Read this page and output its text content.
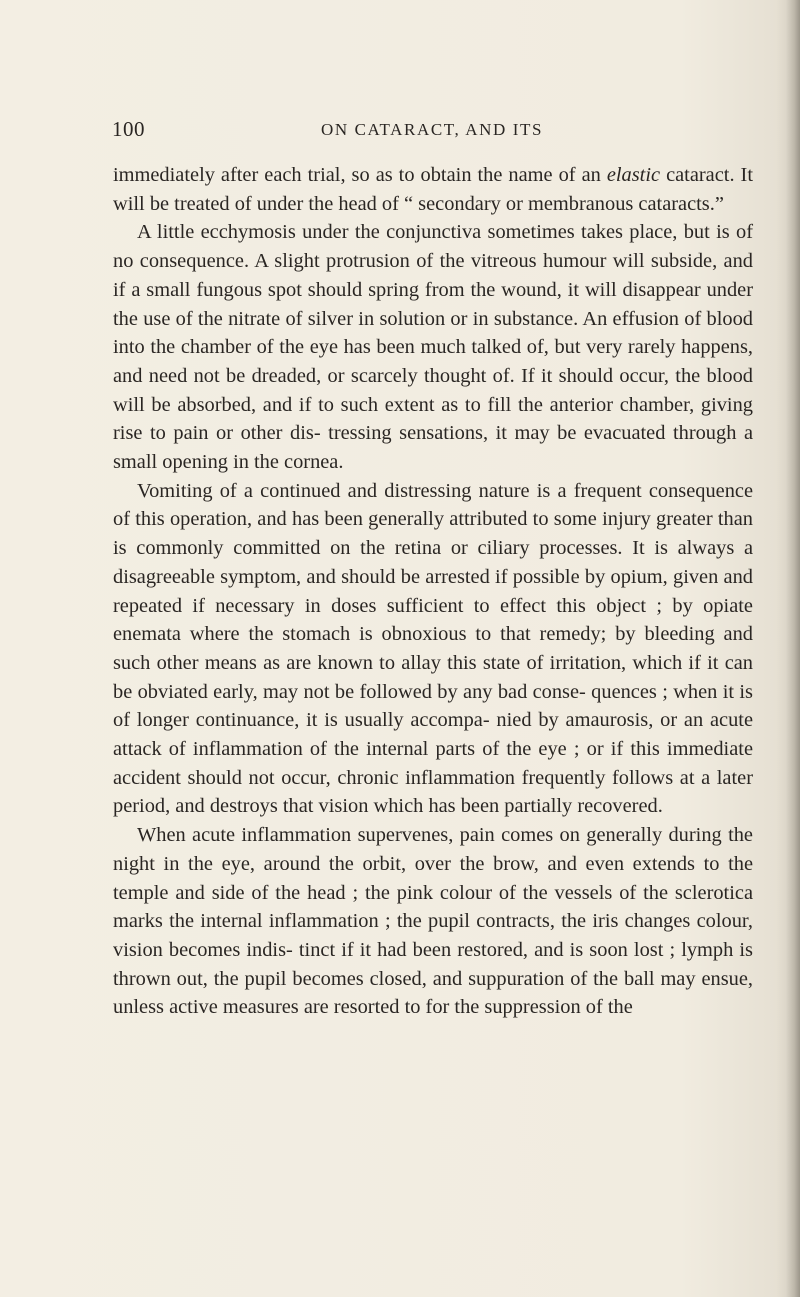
100	ON CATARACT, AND ITS

immediately after each trial, so as to obtain the name of an elastic cataract. It will be treated of under the head of “ secondary or membranous cataracts.”

A little ecchymosis under the conjunctiva sometimes takes place, but is of no consequence. A slight protrusion of the vitreous humour will subside, and if a small fungous spot should spring from the wound, it will disappear under the use of the nitrate of silver in solution or in substance. An effusion of blood into the chamber of the eye has been much talked of, but very rarely happens, and need not be dreaded, or scarcely thought of. If it should occur, the blood will be absorbed, and if to such extent as to fill the anterior chamber, giving rise to pain or other dis- tressing sensations, it may be evacuated through a small opening in the cornea.

Vomiting of a continued and distressing nature is a frequent consequence of this operation, and has been generally attributed to some injury greater than is commonly committed on the retina or ciliary processes. It is always a disagreeable symptom, and should be arrested if possible by opium, given and repeated if necessary in doses sufficient to effect this object ; by opiate enemata where the stomach is obnoxious to that remedy; by bleeding and such other means as are known to allay this state of irritation, which if it can be obviated early, may not be followed by any bad conse- quences ; when it is of longer continuance, it is usually accompa- nied by amaurosis, or an acute attack of inflammation of the internal parts of the eye ; or if this immediate accident should not occur, chronic inflammation frequently follows at a later period, and destroys that vision which has been partially recovered.

When acute inflammation supervenes, pain comes on generally during the night in the eye, around the orbit, over the brow, and even extends to the temple and side of the head ; the pink colour of the vessels of the sclerotica marks the internal inflammation ; the pupil contracts, the iris changes colour, vision becomes indis- tinct if it had been restored, and is soon lost ; lymph is thrown out, the pupil becomes closed, and suppuration of the ball may ensue, unless active measures are resorted to for the suppression of the
